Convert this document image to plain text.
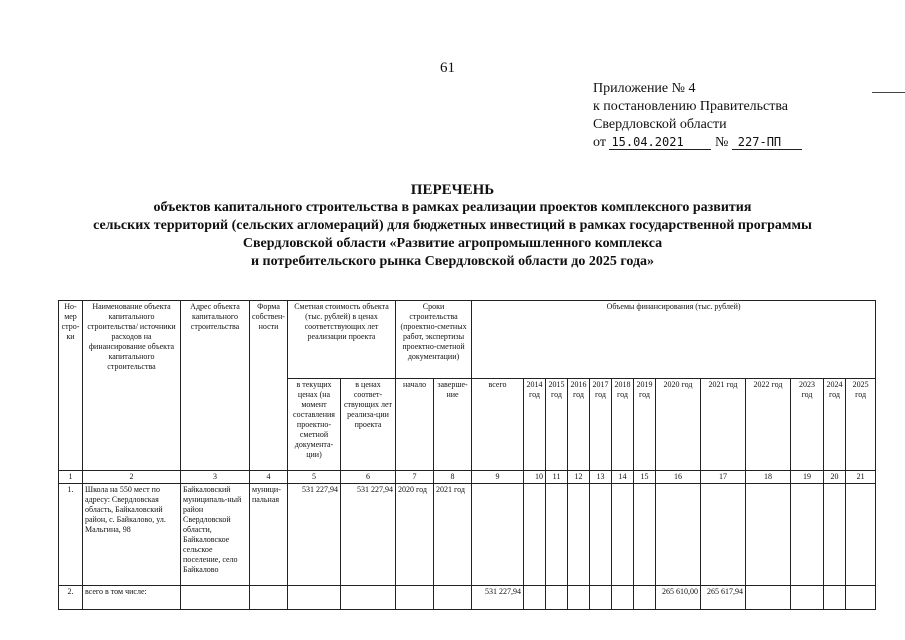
61
Приложение № 4
к постановлению Правительства
Свердловской области
от 15.04.2021 № 227-ПП
ПЕРЕЧЕНЬ
объектов капитального строительства в рамках реализации проектов комплексного развития
сельских территорий (сельских агломераций) для бюджетных инвестиций в рамках государственной программы
Свердловской области «Развитие агропромышленного комплекса
и потребительского рынка Свердловской области до 2025 года»
Но-мер стро-ки	Наименование объекта капитального строительства/ источники расходов на финансирование объекта капитального строительства	Адрес объекта капитального строительства	Форма собствен-ности	Сметная стоимость объекта (тыс. рублей) в ценах соответствующих лет реализации проекта		Сроки строительства (проектно-сметных работ, экспертизы проектно-сметной документации)		Объемы финансирования (тыс. рублей)												
				в текущих ценах (на момент составления проектно-сметной документа-ции)	в ценах соответ-ствующих лет реализа-ции проекта	начало	заверше-ние	всего	2014 год	2015 год	2016 год	2017 год	2018 год	2019 год	2020 год	2021 год	2022 год	2023 год	2024 год	2025 год
1	2	3	4	5	6	7	8	9	10	11	12	13	14	15	16	17	18	19	20	21
1.	Школа на 550 мест по адресу: Свердловская область, Байкаловский район, с. Байкалово, ул. Мальгина, 98	Байкаловский муниципаль-ный район Свердловской области, Байкаловское сельское поселение, село Байкалово	муници-пальная	531 227,94	531 227,94	2020 год	2021 год													
2.	всего в том числе:							531 227,94							265 610,00	265 617,94				
